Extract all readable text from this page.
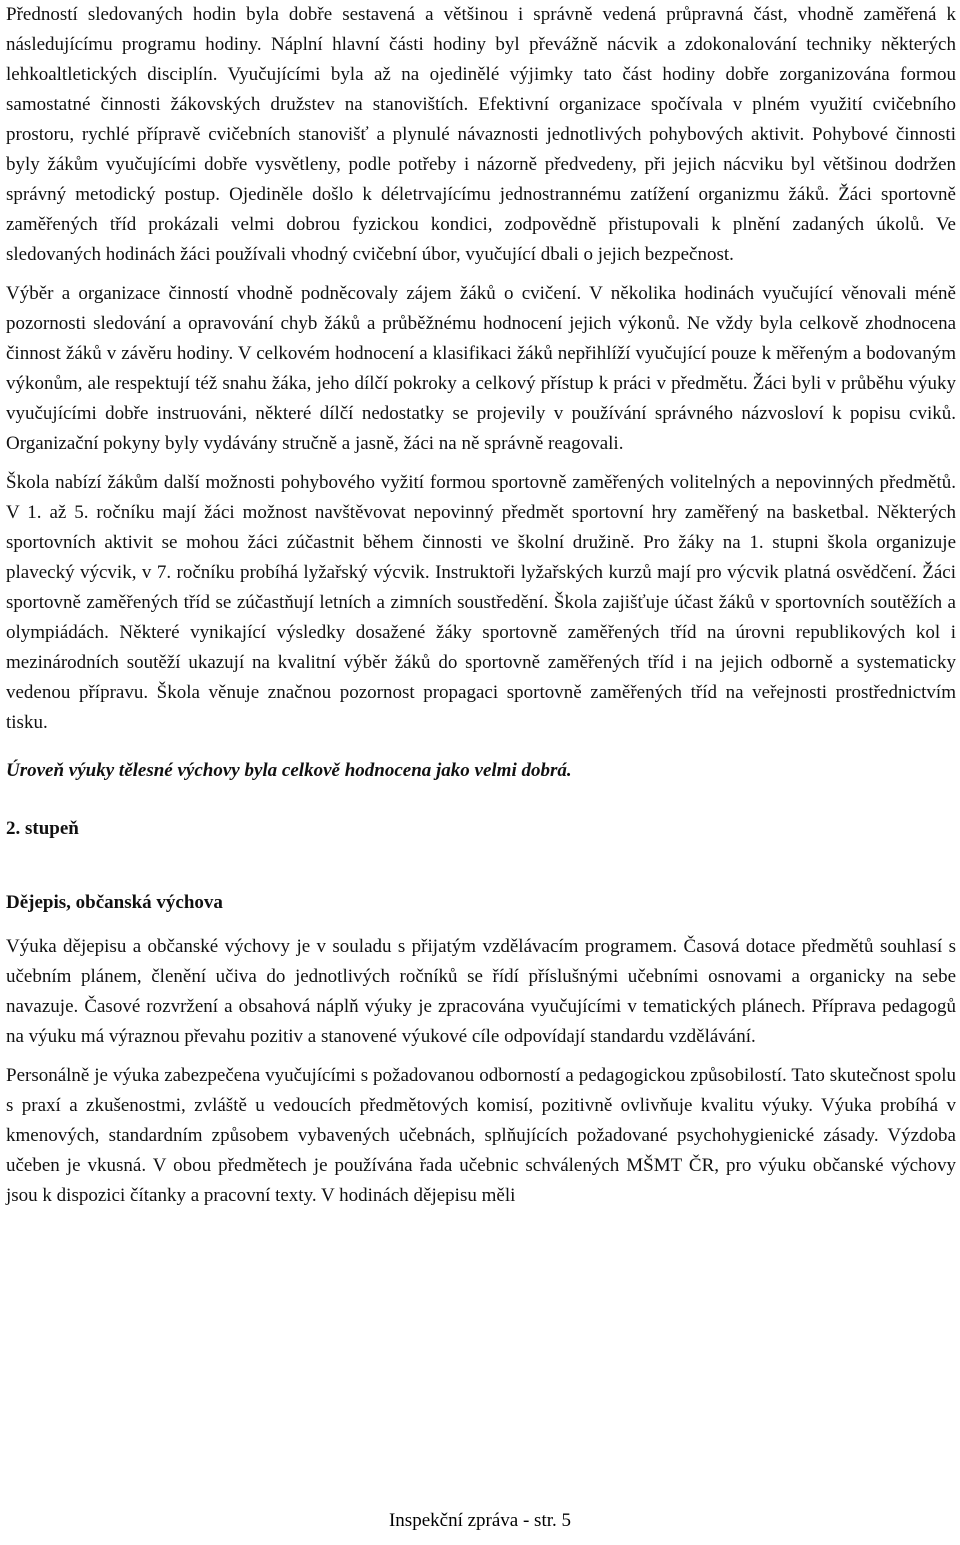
Předností sledovaných hodin byla dobře sestavená a většinou i správně vedená průpravná část, vhodně zaměřená k následujícímu programu hodiny. Náplní hlavní části hodiny byl převážně nácvik a zdokonalování techniky některých lehkoaltletických disciplín. Vyučujícími byla až na ojedinělé výjimky tato část hodiny dobře zorganizována formou samostatné činnosti žákovských družstev na stanovištích. Efektivní organizace spočívala v plném využití cvičebního prostoru, rychlé přípravě cvičebních stanovišť a plynulé návaznosti jednotlivých pohybových aktivit. Pohybové činnosti byly žákům vyučujícími dobře vysvětleny, podle potřeby i názorně předvedeny, při jejich nácviku byl většinou dodržen správný metodický postup. Ojediněle došlo k déletrvajícímu jednostrannému zatížení organizmu žáků. Žáci sportovně zaměřených tříd prokázali velmi dobrou fyzickou kondici, zodpovědně přistupovali k plnění zadaných úkolů. Ve sledovaných hodinách žáci používali vhodný cvičební úbor, vyučující dbali o jejich bezpečnost.

Výběr a organizace činností vhodně podněcovaly zájem žáků o cvičení. V několika hodinách vyučující věnovali méně pozornosti sledování a opravování chyb žáků a průběžnému hodnocení jejich výkonů. Ne vždy byla celkově zhodnocena činnost žáků v závěru hodiny. V celkovém hodnocení a klasifikaci žáků nepřihlíží vyučující pouze k měřeným a bodovaným výkonům, ale respektují též snahu žáka, jeho dílčí pokroky a celkový přístup k práci v předmětu. Žáci byli v průběhu výuky vyučujícími dobře instruováni, některé dílčí nedostatky se projevily v používání správného názvosloví k popisu cviků. Organizační pokyny byly vydávány stručně a jasně, žáci na ně správně reagovali.

Škola nabízí žákům další možnosti pohybového vyžití formou sportovně zaměřených volitelných a nepovinných předmětů. V 1. až 5. ročníku mají žáci možnost navštěvovat nepovinný předmět sportovní hry zaměřený na basketbal. Některých sportovních aktivit se mohou žáci zúčastnit během činnosti ve školní družině. Pro žáky na 1. stupni škola organizuje plavecký výcvik, v 7. ročníku probíhá lyžařský výcvik. Instruktoři lyžařských kurzů mají pro výcvik platná osvědčení. Žáci sportovně zaměřených tříd se zúčastňují letních a zimních soustředění. Škola zajišťuje účast žáků v sportovních soutěžích a olympiádách. Některé vynikající výsledky dosažené žáky sportovně zaměřených tříd na úrovni republikových kol i mezinárodních soutěží ukazují na kvalitní výběr žáků do sportovně zaměřených tříd i na jejich odborně a systematicky vedenou přípravu. Škola věnuje značnou pozornost propagaci sportovně zaměřených tříd na veřejnosti prostřednictvím tisku.

Úroveň výuky tělesné výchovy byla celkově hodnocena jako velmi dobrá.

2. stupeň

Dějepis, občanská výchova

Výuka dějepisu a občanské výchovy je v souladu s přijatým vzdělávacím programem. Časová dotace předmětů souhlasí s učebním plánem, členění učiva do jednotlivých ročníků se řídí příslušnými učebními osnovami a organicky na sebe navazuje. Časové rozvržení a obsahová náplň výuky je zpracována vyučujícími v tematických plánech. Příprava pedagogů na výuku má výraznou převahu pozitiv a stanovené výukové cíle odpovídají standardu vzdělávání.

Personálně je výuka zabezpečena vyučujícími s požadovanou odborností a pedagogickou způsobilostí. Tato skutečnost spolu s praxí a zkušenostmi, zvláště u vedoucích předmětových komisí, pozitivně ovlivňuje kvalitu výuky. Výuka probíhá v kmenových, standardním způsobem vybavených učebnách, splňujících požadované psychohygienické zásady. Výzdoba učeben je vkusná. V obou předmětech je používána řada učebnic schválených MŠMT ČR, pro výuku občanské výchovy jsou k dispozici čítanky a pracovní texty. V hodinách dějepisu měli

Inspekční zpráva - str. 5
